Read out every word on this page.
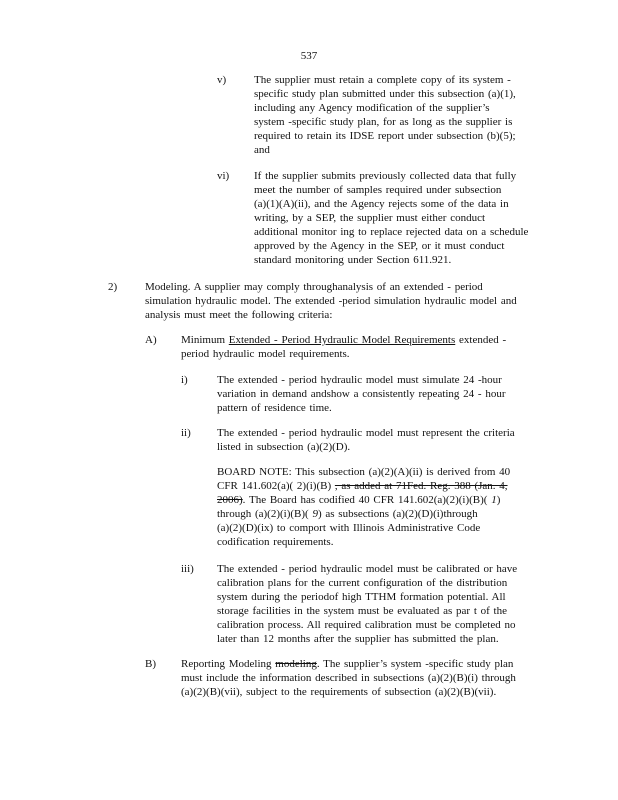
537
v)	The supplier must retain a complete copy of its system -
specific study plan submitted under this subsection (a)(1),
including any Agency modification of the supplier’s
system -specific study plan, for as long as the supplier is
required to retain its IDSE report under subsection (b)(5);
and
vi) If the supplier submits previously collected data that fully
meet the number of samples required under subsection
(a)(1)(A)(ii), and the Agency rejects some of the data in
writing, by a SEP, the supplier must either conduct
additional monitor ing to replace rejected data on a schedule
approved by the Agency in the SEP, or it must conduct
standard monitoring under Section 611.921.
2)	Modeling. A supplier may comply throughanalysis of an extended - period
simulation hydraulic model. The extended -period simulation hydraulic model and
analysis must meet the following criteria:
A) Minimum Extended - Period Hydraulic Model Requirements extended -
period hydraulic model requirements.
i)	The extended - period hydraulic model must simulate 24 -hour
variation in demand andshow a consistently repeating 24 - hour
pattern of residence time.
ii) The extended - period hydraulic model must represent the criteria
listed in subsection (a)(2)(D).
BOARD NOTE: This subsection (a)(2)(A)(ii) is derived from 40
CFR 141.602(a)( 2)(i)(B) , as added at 71Fed. Reg. 388 (Jan. 4,
2006). The Board has codified 40 CFR 141.602(a)(2)(i)(B)( 1)
through (a)(2)(i)(B)( 9) as subsections (a)(2)(D)(i)through
(a)(2)(D)(ix) to comport with Illinois Administrative Code
codification requirements.
iii) The extended - period hydraulic model must be calibrated or have
calibration plans for the current configuration of the distribution
system during the periodof high TTHM formation potential. All
storage facilities in the system must be evaluated as par t of the
calibration process. All required calibration must be completed no
later than 12 months after the supplier has submitted the plan.
B) Reporting Modeling modeling. The supplier’s system -specific study plan
must include the information described in subsections (a)(2)(B)(i) through
(a)(2)(B)(vii), subject to the requirements of subsection (a)(2)(B)(vii).
